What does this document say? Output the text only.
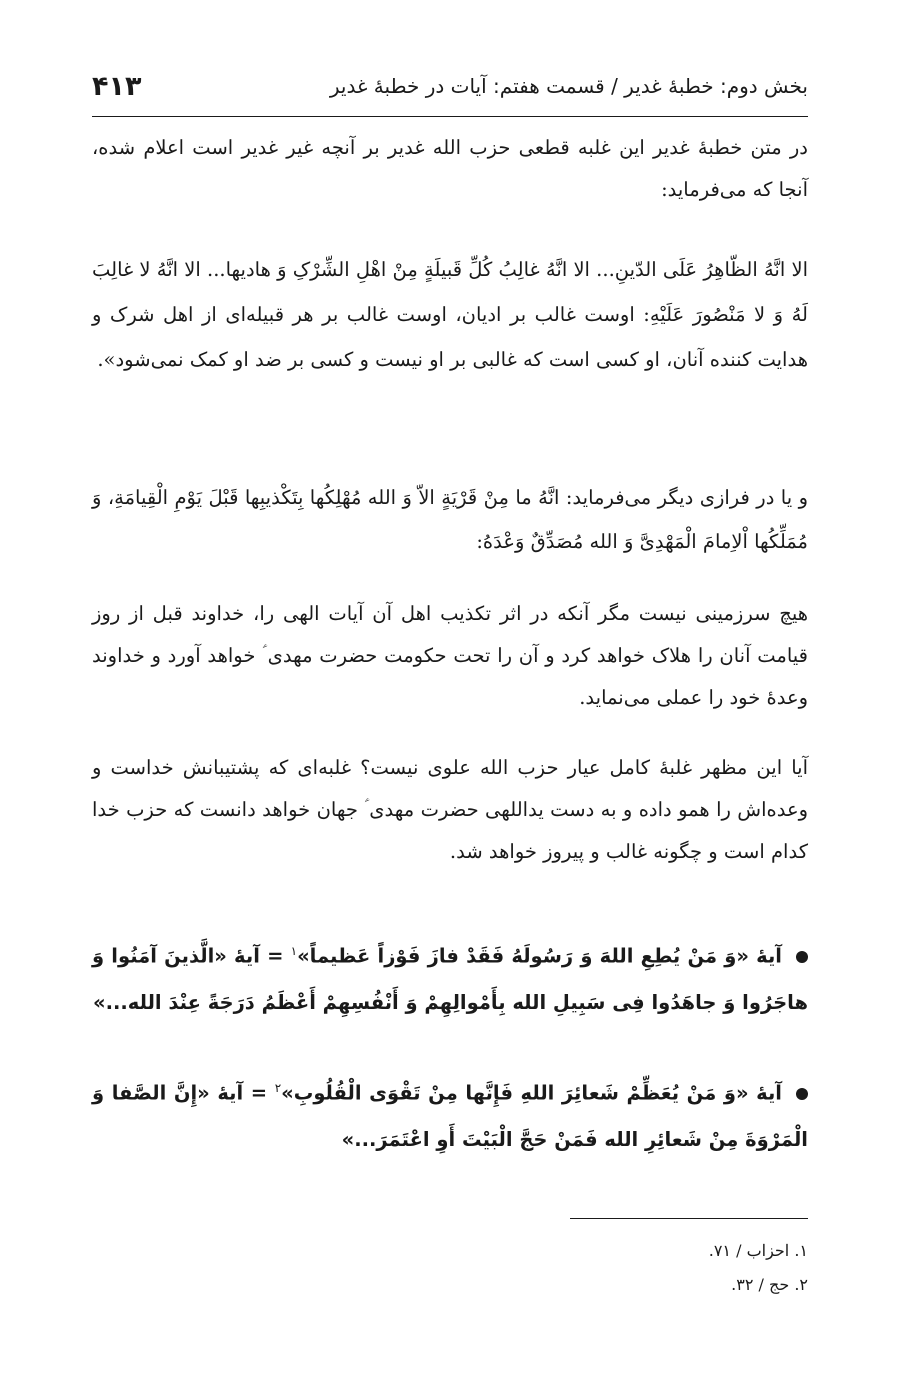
بخش دوم: خطبۀ غدیر / قسمت هفتم: آیات در خطبۀ غدیر
۴۱۳

در متن خطبۀ غدیر این غلبه قطعی حزب الله غدیر بر آنچه غیر غدیر است اعلام شده، آنجا که می‌فرماید:

الا انَّهُ الظّاهِرُ عَلَی الدّینِ... الا انَّهُ غالِبُ کُلِّ قَبیلَةٍ مِنْ اهْلِ الشِّرْکِ وَ هادیها... الا انَّهُ لا غالِبَ لَهُ وَ لا مَنْصُورَ عَلَیْهِ: اوست غالب بر ادیان، اوست غالب بر هر قبیله‌ای از اهل شرک و هدایت کننده آنان، او کسی است که غالبی بر او نیست و کسی بر ضد او کمک نمی‌شود».

و یا در فرازی دیگر می‌فرماید: انَّهُ ما مِنْ قَرْیَةٍ الاّ وَ الله مُهْلِکُها بِتَکْذیبِها قَبْلَ یَوْمِ الْقِیامَةِ، وَ مُمَلِّکُها اْلاِمامَ الْمَهْدِیَّ وَ الله مُصَدِّقٌ وَعْدَهُ:

هیچ سرزمینی نیست مگر آنکه در اثر تکذیب اهل آن آیات الهی را، خداوند قبل از روز قیامت آنان را هلاک خواهد کرد و آن را تحت حکومت حضرت مهدی ؑ خواهد آورد و خداوند وعدۀ خود را عملی می‌نماید.

آیا این مظهر غلبۀ کامل عیار حزب الله علوی نیست؟ غلبه‌ای که پشتیبانش خداست و وعده‌اش را همو داده و به دست یداللهی حضرت مهدی ؑ جهان خواهد دانست که حزب خدا کدام است و چگونه غالب و پیروز خواهد شد.

آیۀ «وَ مَنْ یُطِعِ اللهَ وَ رَسُولَهُ فَقَدْ فازَ فَوْزاً عَظیماً»$^۱$ = آیۀ «الَّذینَ آمَنُوا وَ هاجَرُوا وَ جاهَدُوا فِی سَبِیلِ الله بِأَمْوالِهِمْ وَ أَنْفُسِهِمْ أَعْظَمُ دَرَجَةً عِنْدَ الله...»
آیۀ «وَ مَنْ یُعَظِّمْ شَعائِرَ اللهِ فَإِنَّها مِنْ تَقْوَی الْقُلُوبِ»$^۲$ = آیۀ «إِنَّ الصَّفا وَ الْمَرْوَةَ مِنْ شَعائِرِ الله فَمَنْ حَجَّ الْبَیْتَ أَوِ اعْتَمَرَ...»
۱. احزاب / ۷۱.
۲. حج / ۳۲.
